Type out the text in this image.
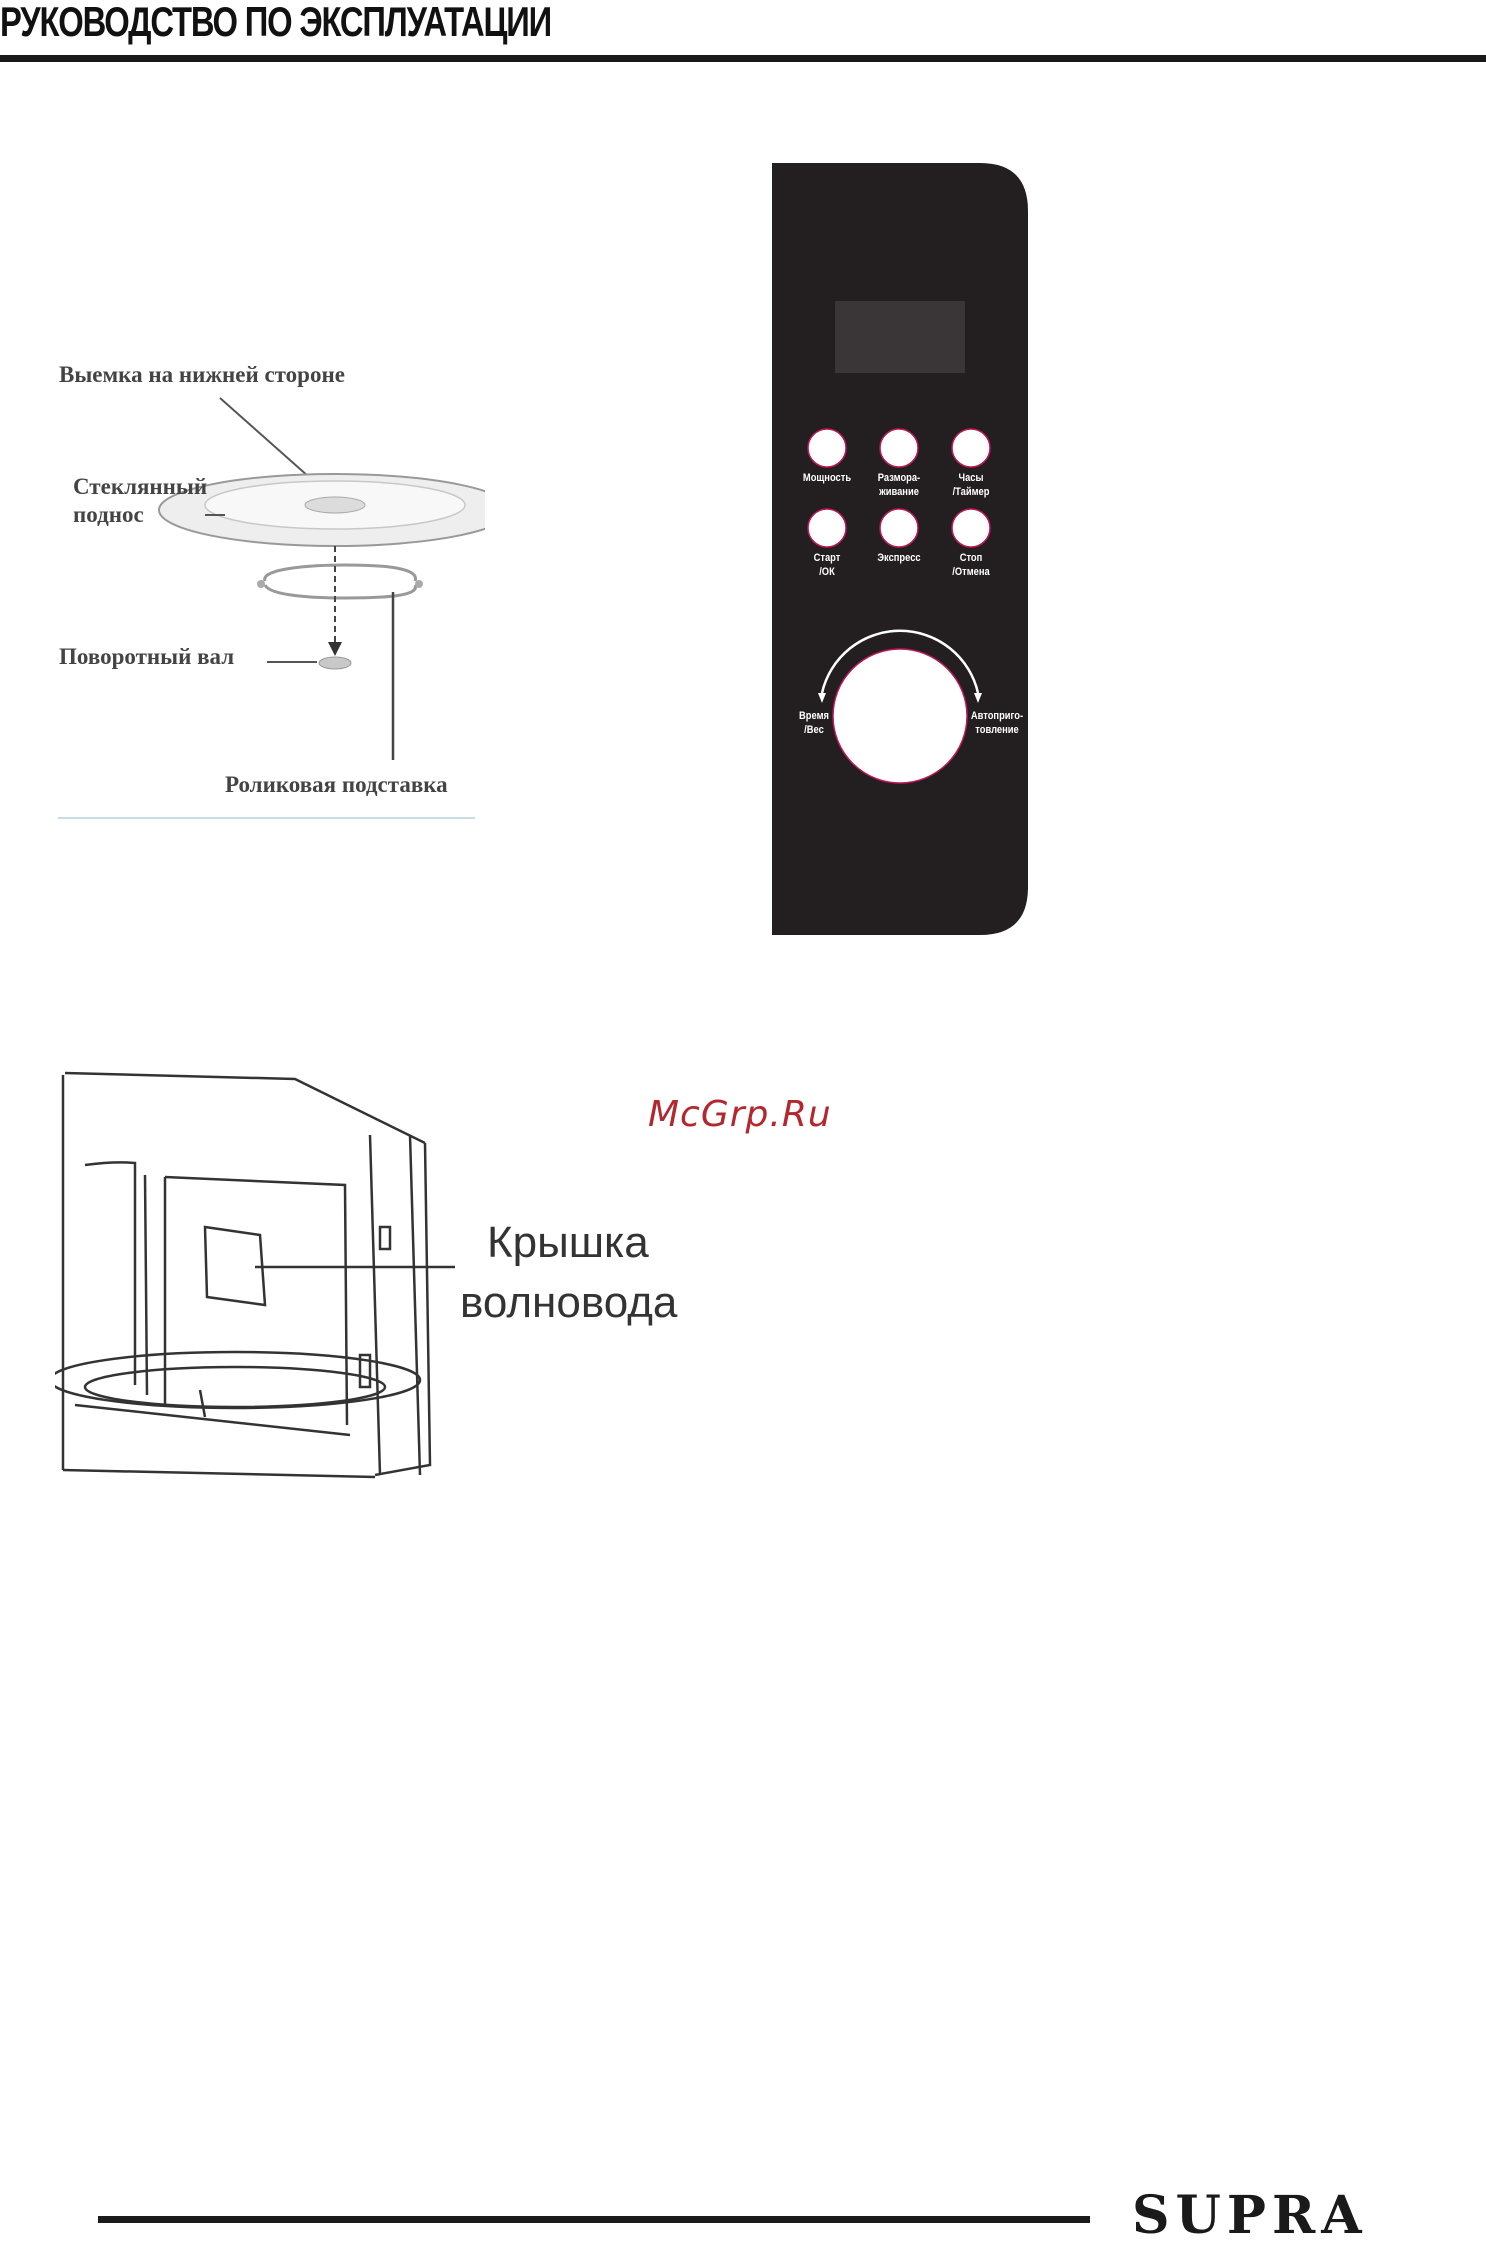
РУКОВОДСТВО ПО ЭКСПЛУАТАЦИИ
Выемка на нижней стороне
Стеклянный
поднос
Поворотный вал
Роликовая подставка
Мощность	Размора-
живание
Часы
/Таймер
Старт
/ОК
Экспресс	Стоп
/Отмена
Время
/Вес
Автоприго-
товление
McGrp.Ru
Крышка
волновода
SUPRA
